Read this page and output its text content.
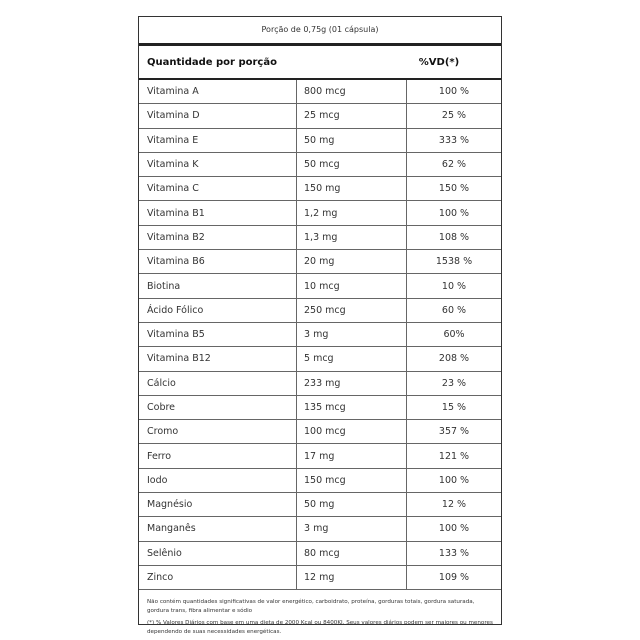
Porção de 0,75g (01 cápsula)
Quantidade por porção	%VD(*)
Vitamina A	800 mcg	100 %
Vitamina D	25 mcg	25 %
Vitamina E	50 mg	333 %
Vitamina K	50 mcg	62 %
Vitamina C	150 mg	150 %
Vitamina B1	1,2 mg	100 %
Vitamina B2	1,3 mg	108 %
Vitamina B6	20 mg	1538 %
Biotina	10 mcg	10 %
Ácido Fólico	250 mcg	60 %
Vitamina B5	3 mg	60%
Vitamina B12	5 mcg	208 %
Cálcio	233 mg	23 %
Cobre	135 mcg	15 %
Cromo	100 mcg	357 %
Ferro	17 mg	121 %
Iodo	150 mcg	100 %
Magnésio	50 mg	12 %
Manganês	3 mg	100 %
Selênio	80 mcg	133 %
Zinco	12 mg	109 %

Não contém quantidades significativas de valor energético, carboidrato, proteína, gorduras totais, gordura saturada, gordura trans, fibra alimentar e sódio

(*) % Valores Diários com base em uma dieta de 2000 Kcal ou 8400KJ. Seus valores diários podem ser maiores ou menores dependendo de suas necessidades energéticas.
